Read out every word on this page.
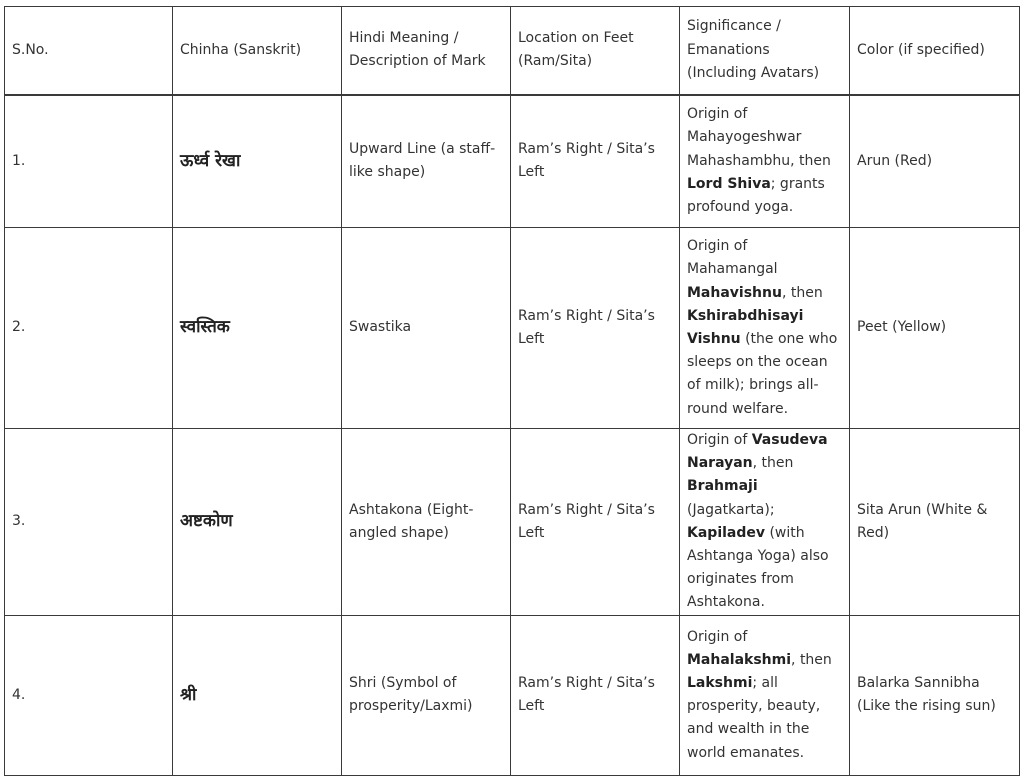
S.No.	Chinha (Sanskrit)	Hindi Meaning / Description of Mark	Location on Feet (Ram/Sita)	Significance / Emanations (Including Avatars)	Color (if specified)
1.	ऊर्ध्व रेखा	Upward Line (a staff-like shape)	Ram’s Right / Sita’s Left	Origin of Mahayogeshwar Mahashambhu, then Lord Shiva; grants profound yoga.	Arun (Red)
2.	स्वस्तिक	Swastika	Ram’s Right / Sita’s Left	Origin of Mahamangal Mahavishnu, then Kshirabdhisayi Vishnu (the one who sleeps on the ocean of milk); brings all-round welfare.	Peet (Yellow)
3.	अष्टकोण	Ashtakona (Eight-angled shape)	Ram’s Right / Sita’s Left	Origin of Vasudeva Narayan, then Brahmaji (Jagatkarta); Kapiladev (with Ashtanga Yoga) also originates from Ashtakona.	Sita Arun (White & Red)
4.	श्री	Shri (Symbol of prosperity/Laxmi)	Ram’s Right / Sita’s Left	Origin of Mahalakshmi, then Lakshmi; all prosperity, beauty, and wealth in the world emanates.	Balarka Sannibha (Like the rising sun)
